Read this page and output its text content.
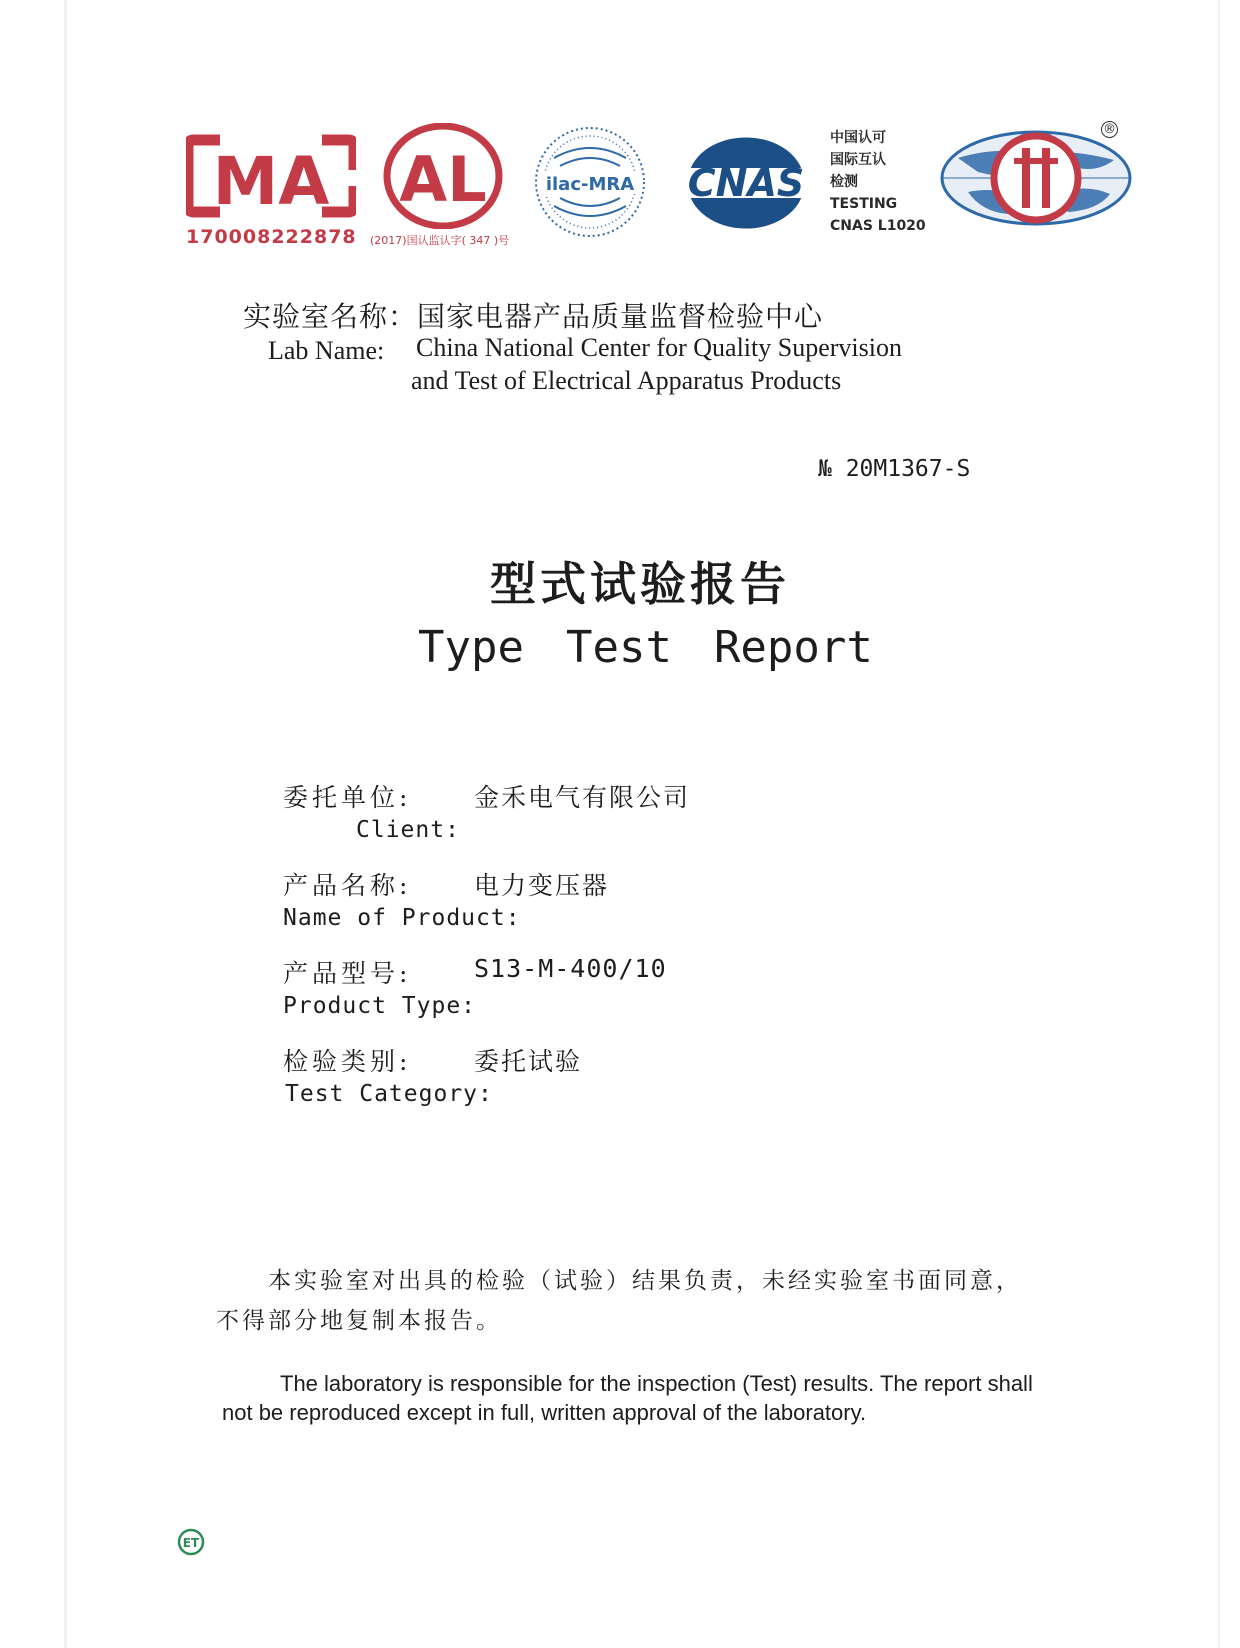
MA
170008222878
AL
(2017)国认监认字( 347 )号
ilac-MRA CNAS
中国认可
国际互认
检测
TESTING
CNAS L1020
®
实验室名称：国家电器产品质量监督检验中心
Lab Name: China National Center for Quality Supervision
and Test of Electrical Apparatus Products
№ 20M1367-S
型式试验报告
Type Test Report
委托单位:	金禾电气有限公司
Client:
产品名称:	电力变压器
Name of Product:
产品型号:	S13-M-400/10
Product Type:
检验类别:	委托试验
Test Category:
本实验室对出具的检验（试验）结果负责，未经实验室书面同意，
不得部分地复制本报告。
The laboratory is responsible for the inspection (Test) results. The report shall
not be reproduced except in full, written approval of the laboratory.
ET
